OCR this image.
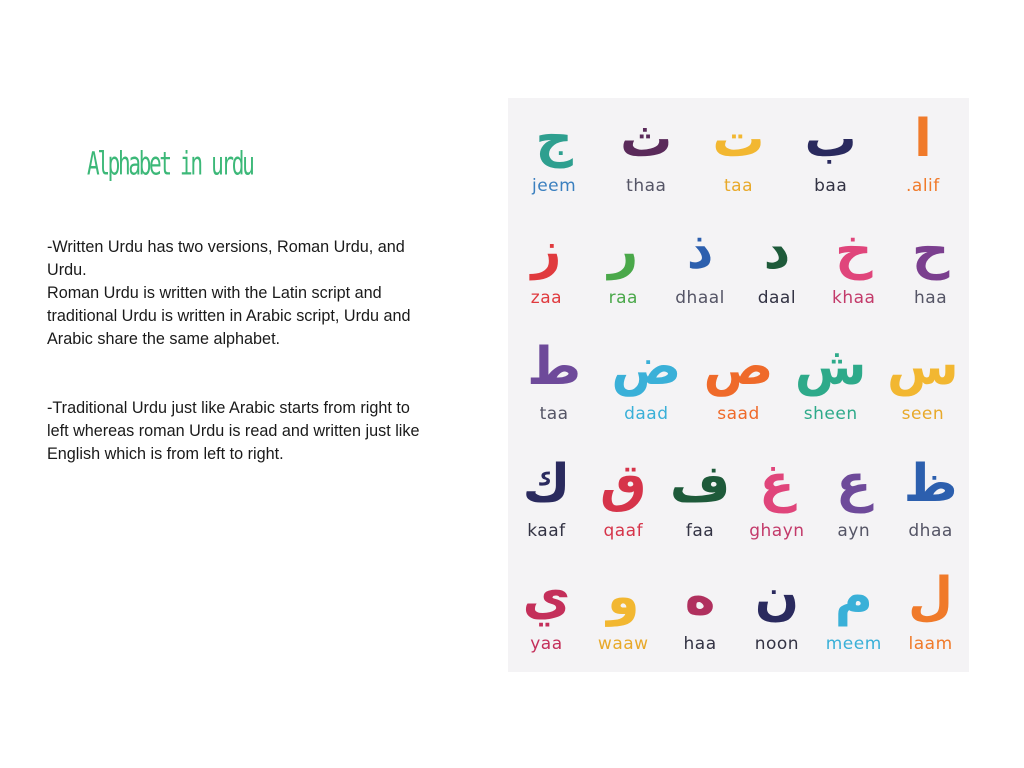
Alphabet in urdu
-Written Urdu has two versions, Roman Urdu, and
Urdu.
Roman Urdu is written with the Latin script and
traditional Urdu is written in Arabic script, Urdu and
Arabic share the same alphabet.
-Traditional Urdu just like Arabic starts from right to
left whereas roman Urdu is read and written just like
English which is from left to right.
ج
jeem
ث
thaa
ت
taa
ب
baa
ا
.alif
ز
zaa
ر
raa
ذ
dhaal
د
daal
خ
khaa
ح
haa
ط
taa
ض
daad
ص
saad
ش
sheen
س
seen
ك
kaaf
ق
qaaf
ف
faa
غ
ghayn
ع
ayn
ظ
dhaa
ي
yaa
و
waaw
ه
haa
ن
noon
م
meem
ل
laam
